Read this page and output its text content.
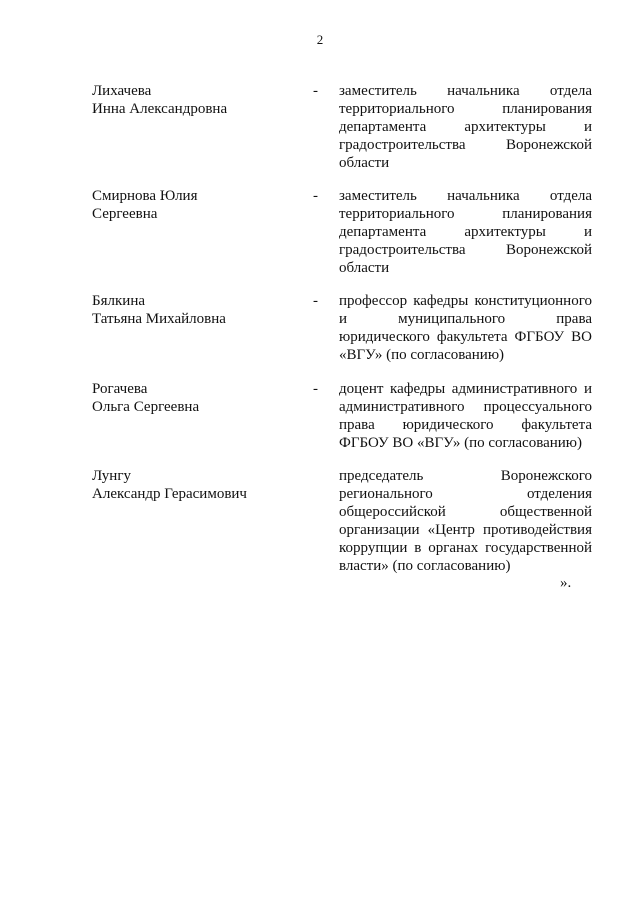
2
Лихачева
Инна Александровна
- заместитель начальника отдела
территориального планирования
департамента архитектуры и
градостроительства Воронежской
области
Смирнова Юлия
Сергеевна
- заместитель начальника отдела
территориального планирования
департамента архитектуры и
градостроительства Воронежской
области
Бялкина
Татьяна Михайловна
- профессор кафедры конституционного
и муниципального права
юридического факультета ФГБОУ ВО
«ВГУ» (по согласованию)
Рогачева
Ольга Сергеевна
- доцент кафедры административного и
административного процессуального
права юридического факультета
ФГБОУ ВО «ВГУ» (по согласованию)
Лунгу
Александр Герасимович
председатель Воронежского
регионального отделения
общероссийской общественной
организации «Центр противодействия
коррупции в органах государственной
власти» (по согласованию)
».
